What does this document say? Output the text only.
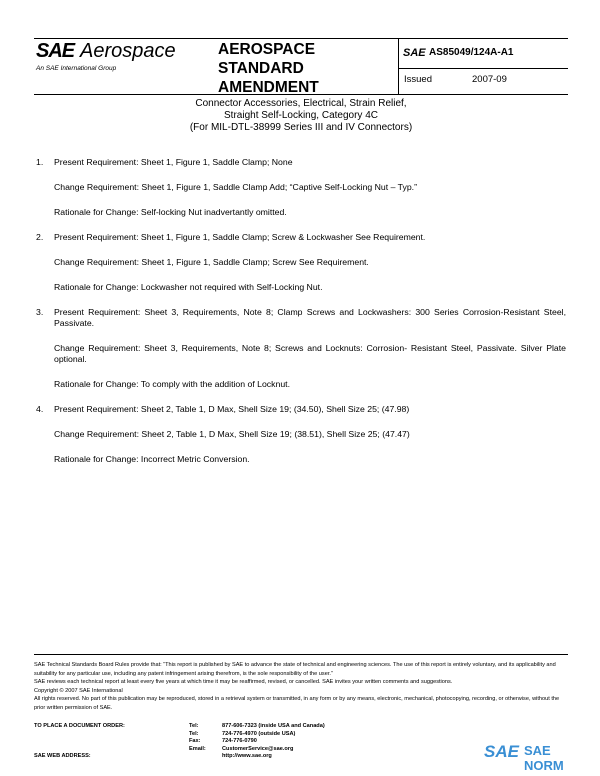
SAE Aerospace
An SAE International Group
AEROSPACE
STANDARD
AMENDMENT
SAE AS85049/124A-A1
Issued	2007-09
Connector Accessories, Electrical, Strain Relief,
Straight Self-Locking, Category 4C
(For MIL-DTL-38999 Series III and IV Connectors)
1. Present Requirement: Sheet 1, Figure 1, Saddle Clamp; None

Change Requirement: Sheet 1, Figure 1, Saddle Clamp Add; “Captive Self-Locking Nut – Typ.”

Rationale for Change: Self-locking Nut inadvertantly omitted.

2. Present Requirement: Sheet 1, Figure 1, Saddle Clamp; Screw & Lockwasher See Requirement.

Change Requirement: Sheet 1, Figure 1, Saddle Clamp; Screw See Requirement.

Rationale for Change: Lockwasher not required with Self-Locking Nut.

3. Present Requirement: Sheet 3, Requirements, Note 8; Clamp Screws and Lockwashers: 300 Series Corrosion-Resistant Steel, Passivate.

Change Requirement: Sheet 3, Requirements, Note 8; Screws and Locknuts: Corrosion- Resistant Steel, Passivate. Silver Plate optional.

Rationale for Change: To comply with the addition of Locknut.

4. Present Requirement: Sheet 2, Table 1, D Max, Shell Size 19; (34.50), Shell Size 25; (47.98)

Change Requirement: Sheet 2, Table 1, D Max, Shell Size 19; (38.51), Shell Size 25; (47.47)

Rationale for Change: Incorrect Metric Conversion.

SAE Technical Standards Board Rules provide that: “This report is published by SAE to advance the state of technical and engineering sciences. The use of this report is entirely voluntary, and its applicability and suitability for any particular use, including any patent infringement arising therefrom, is the sole responsibility of the user.”

SAE reviews each technical report at least every five years at which time it may be reaffirmed, revised, or cancelled. SAE invites your written comments and suggestions.

Copyright © 2007 SAE International

All rights reserved. No part of this publication may be reproduced, stored in a retrieval system or transmitted, in any form or by any means, electronic, mechanical, photocopying, recording, or otherwise, without the prior written permission of SAE.

TO PLACE A DOCUMENT ORDER:	Tel:	877-606-7323 (inside USA and Canada)
Tel:	724-776-4970 (outside USA)
Fax:	724-776-0790
Email:	CustomerService@sae.org
SAE WEB ADDRESS:	http://www.sae.org	SAE SAE NORM
